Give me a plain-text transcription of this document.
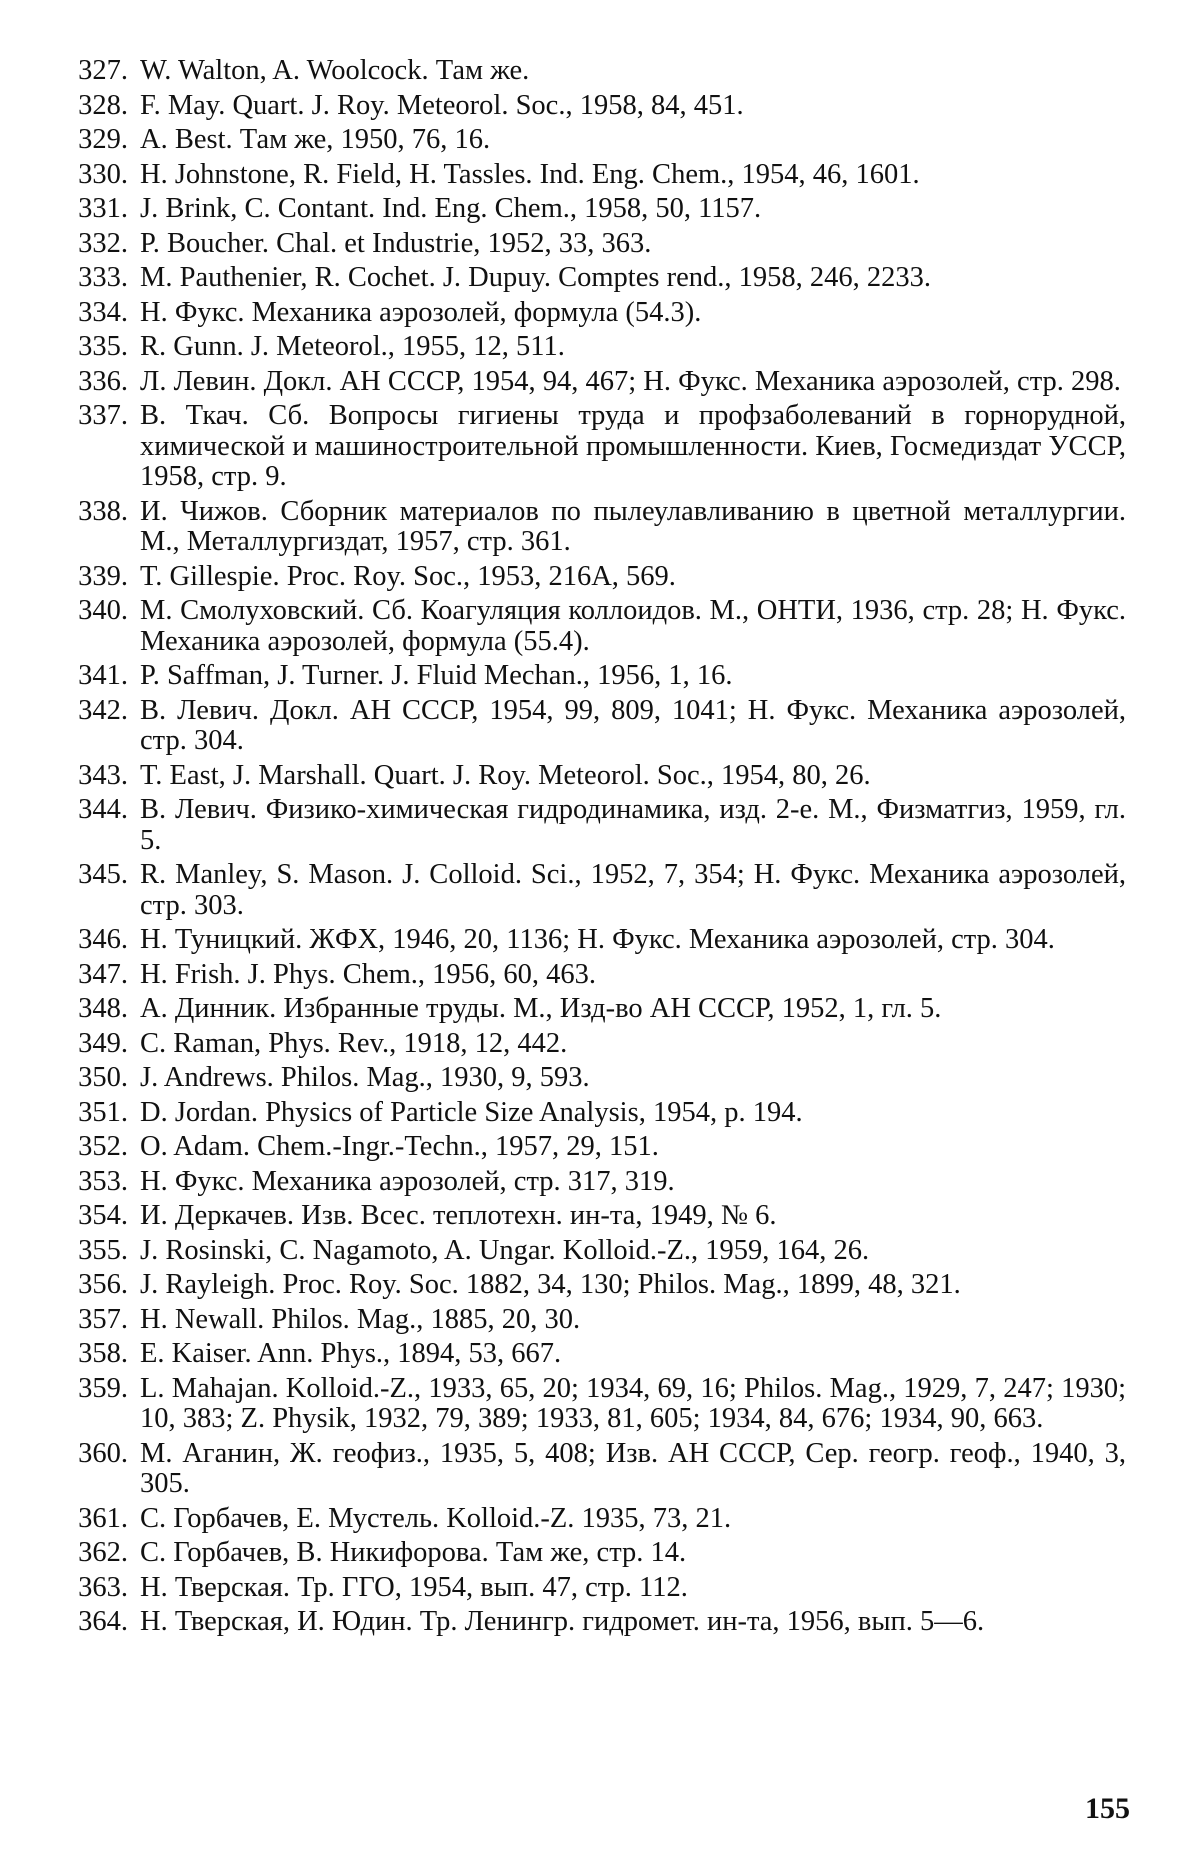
327. W. Walton, A. Woolcock. Там же.
328. F. May. Quart. J. Roy. Meteorol. Soc., 1958, 84, 451.
329. A. Best. Там же, 1950, 76, 16.
330. H. Johnstone, R. Field, H. Tassles. Ind. Eng. Chem., 1954, 46, 1601.
331. J. Brink, C. Contant. Ind. Eng. Chem., 1958, 50, 1157.
332. P. Boucher. Chal. et Industrie, 1952, 33, 363.
333. M. Pauthenier, R. Cochet. J. Dupuy. Comptes rend., 1958, 246, 2233.
334. Н. Фукс. Механика аэрозолей, формула (54.3).
335. R. Gunn. J. Meteorol., 1955, 12, 511.
336. Л. Левин. Докл. АН СССР, 1954, 94, 467; Н. Фукс. Механика аэрозолей, стр. 298.
337. В. Ткач. Сб. Вопросы гигиены труда и профзаболеваний в горнорудной, химической и машиностроительной промышленности. Киев, Госмедиздат УССР, 1958, стр. 9.
338. И. Чижов. Сборник материалов по пылеулавливанию в цветной металлургии. М., Металлургиздат, 1957, стр. 361.
339. T. Gillespie. Proc. Roy. Soc., 1953, 216A, 569.
340. М. Смолуховский. Сб. Коагуляция коллоидов. М., ОНТИ, 1936, стр. 28; Н. Фукс. Механика аэрозолей, формула (55.4).
341. P. Saffman, J. Turner. J. Fluid Mechan., 1956, 1, 16.
342. В. Левич. Докл. АН СССР, 1954, 99, 809, 1041; Н. Фукс. Механика аэрозолей, стр. 304.
343. T. East, J. Marshall. Quart. J. Roy. Meteorol. Soc., 1954, 80, 26.
344. В. Левич. Физико-химическая гидродинамика, изд. 2-е. М., Физматгиз, 1959, гл. 5.
345. R. Manley, S. Mason. J. Colloid. Sci., 1952, 7, 354; Н. Фукс. Механика аэрозолей, стр. 303.
346. Н. Туницкий. ЖФХ, 1946, 20, 1136; Н. Фукс. Механика аэрозолей, стр. 304.
347. H. Frish. J. Phys. Chem., 1956, 60, 463.
348. А. Динник. Избранные труды. М., Изд-во АН СССР, 1952, 1, гл. 5.
349. C. Raman, Phys. Rev., 1918, 12, 442.
350. J. Andrews. Philos. Mag., 1930, 9, 593.
351. D. Jordan. Physics of Particle Size Analysis, 1954, p. 194.
352. O. Adam. Chem.-Ingr.-Techn., 1957, 29, 151.
353. Н. Фукс. Механика аэрозолей, стр. 317, 319.
354. И. Деркачев. Изв. Всес. теплотехн. ин-та, 1949, № 6.
355. J. Rosinski, C. Nagamoto, A. Ungar. Kolloid.-Z., 1959, 164, 26.
356. J. Rayleigh. Proc. Roy. Soc. 1882, 34, 130; Philos. Mag., 1899, 48, 321.
357. H. Newall. Philos. Mag., 1885, 20, 30.
358. E. Kaiser. Ann. Phys., 1894, 53, 667.
359. L. Mahajan. Kolloid.-Z., 1933, 65, 20; 1934, 69, 16; Philos. Mag., 1929, 7, 247; 1930; 10, 383; Z. Physik, 1932, 79, 389; 1933, 81, 605; 1934, 84, 676; 1934, 90, 663.
360. М. Аганин, Ж. геофиз., 1935, 5, 408; Изв. АН СССР, Сер. геогр. геоф., 1940, 3, 305.
361. С. Горбачев, Е. Мустель. Kolloid.-Z. 1935, 73, 21.
362. С. Горбачев, В. Никифорова. Там же, стр. 14.
363. Н. Тверская. Тр. ГГО, 1954, вып. 47, стр. 112.
364. Н. Тверская, И. Юдин. Тр. Ленингр. гидромет. ин-та, 1956, вып. 5—6.
155
